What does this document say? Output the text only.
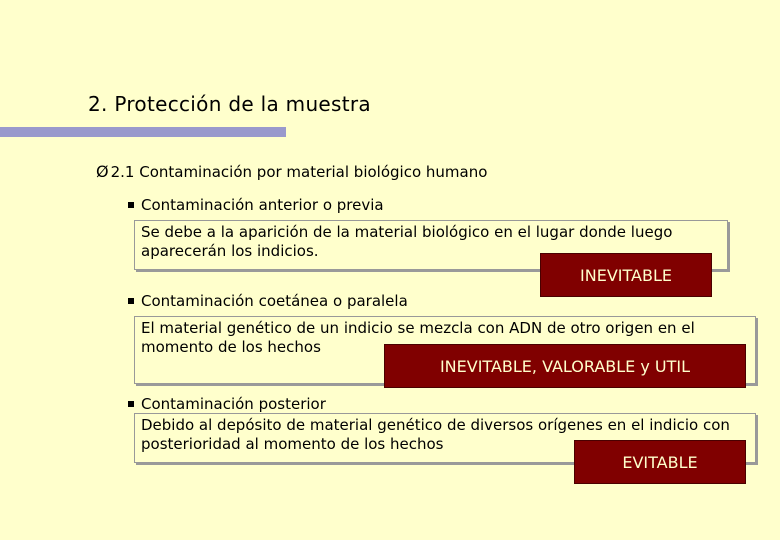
2. Protección de la muestra
Ø 2.1 Contaminación por material biológico humano
Contaminación anterior o previa
Se debe a la aparición de la material biológico en el lugar donde luego aparecerán los indicios.
INEVITABLE
Contaminación coetánea o paralela
El material genético de un indicio se mezcla con ADN de otro origen en el momento de los hechos
INEVITABLE, VALORABLE y UTIL
Contaminación posterior
Debido al depósito de material genético de diversos orígenes en el indicio con posterioridad al momento de los hechos
EVITABLE
